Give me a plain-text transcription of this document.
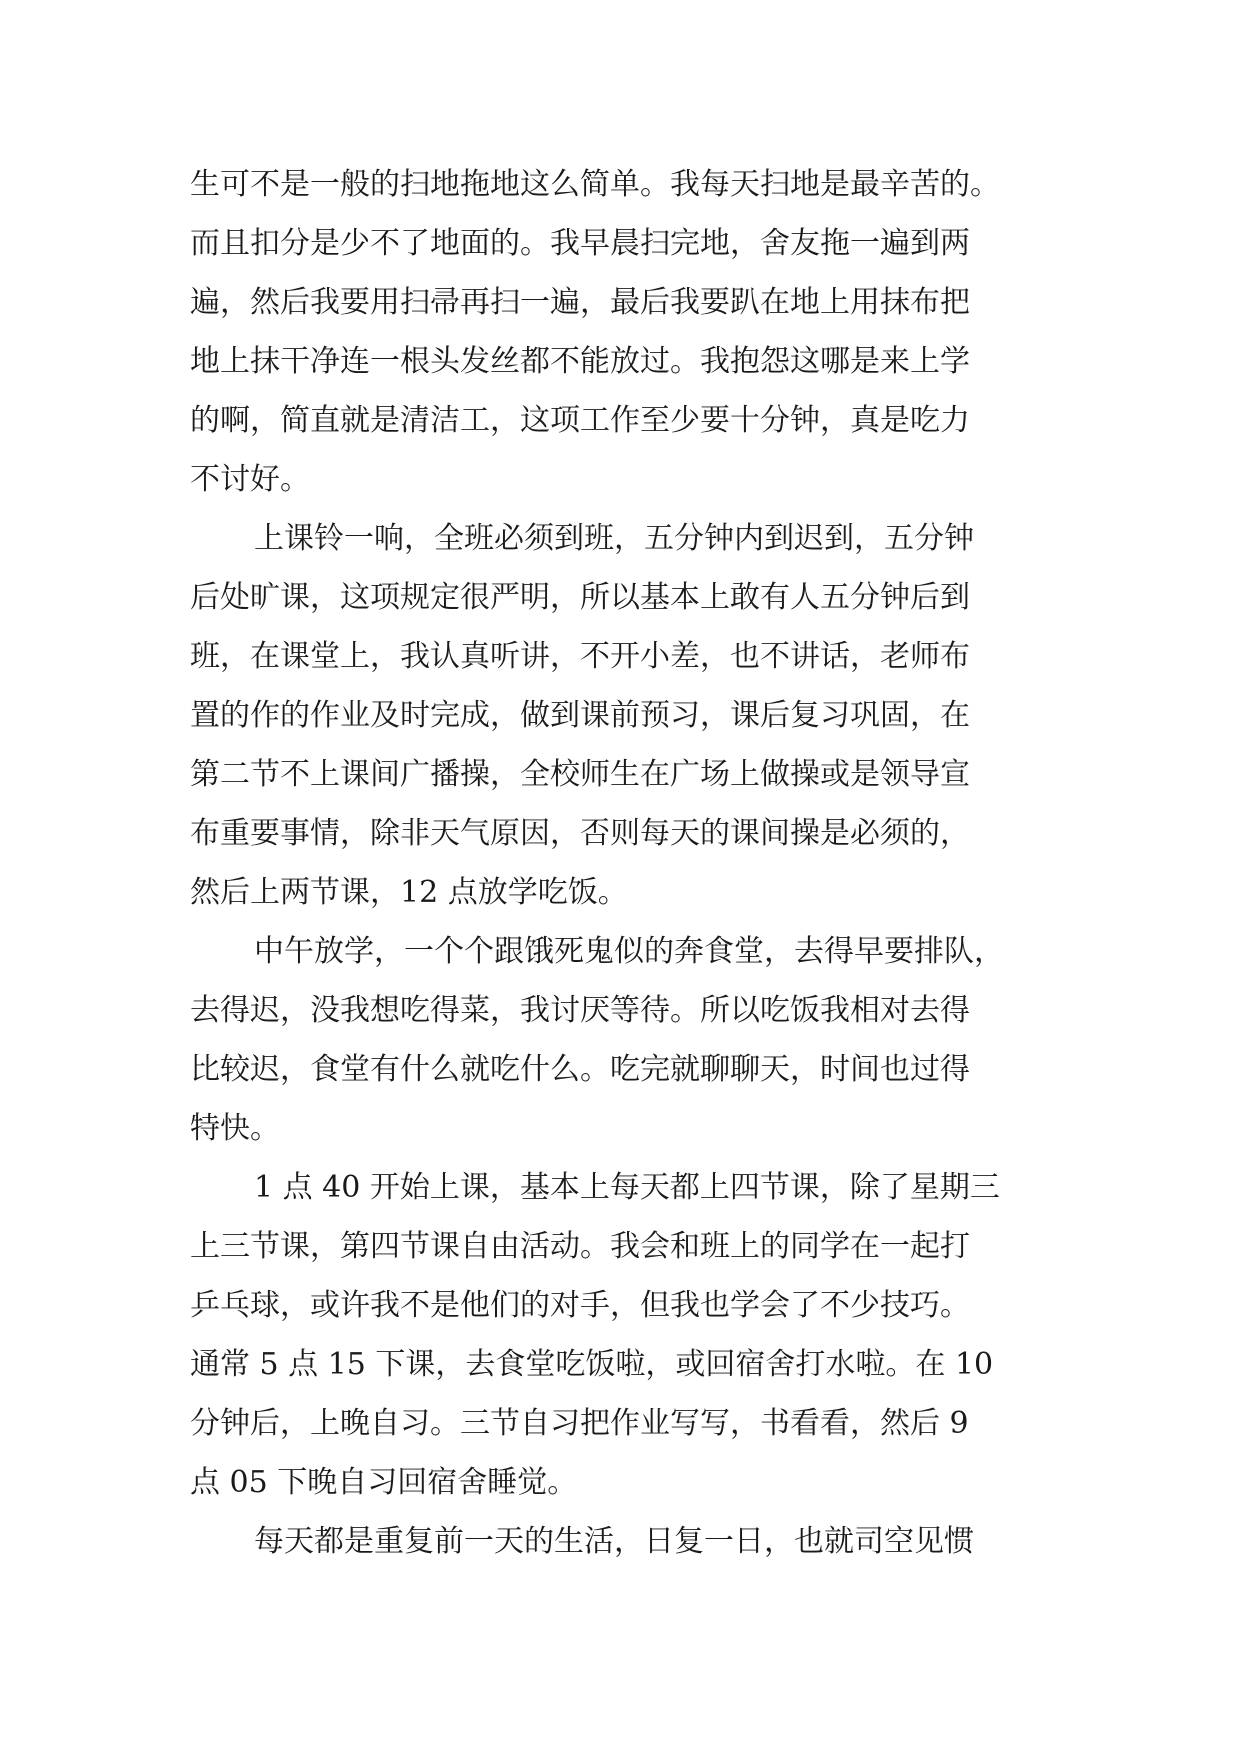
生可不是一般的扫地拖地这么简单。我每天扫地是最辛苦的。
而且扣分是少不了地面的。我早晨扫完地，舍友拖一遍到两
遍，然后我要用扫帚再扫一遍，最后我要趴在地上用抹布把
地上抹干净连一根头发丝都不能放过。我抱怨这哪是来上学
的啊，简直就是清洁工，这项工作至少要十分钟，真是吃力
不讨好。
上课铃一响，全班必须到班，五分钟内到迟到，五分钟
后处旷课，这项规定很严明，所以基本上敢有人五分钟后到
班，在课堂上，我认真听讲，不开小差，也不讲话，老师布
置的作的作业及时完成，做到课前预习，课后复习巩固，在
第二节不上课间广播操，全校师生在广场上做操或是领导宣
布重要事情，除非天气原因，否则每天的课间操是必须的，
然后上两节课，12 点放学吃饭。
中午放学，一个个跟饿死鬼似的奔食堂，去得早要排队，
去得迟，没我想吃得菜，我讨厌等待。所以吃饭我相对去得
比较迟，食堂有什么就吃什么。吃完就聊聊天，时间也过得
特快。
1 点 40 开始上课，基本上每天都上四节课，除了星期三
上三节课，第四节课自由活动。我会和班上的同学在一起打
乒乓球，或许我不是他们的对手，但我也学会了不少技巧。
通常 5 点 15 下课，去食堂吃饭啦，或回宿舍打水啦。在 10
分钟后，上晚自习。三节自习把作业写写，书看看，然后 9
点 05 下晚自习回宿舍睡觉。
每天都是重复前一天的生活，日复一日，也就司空见惯
